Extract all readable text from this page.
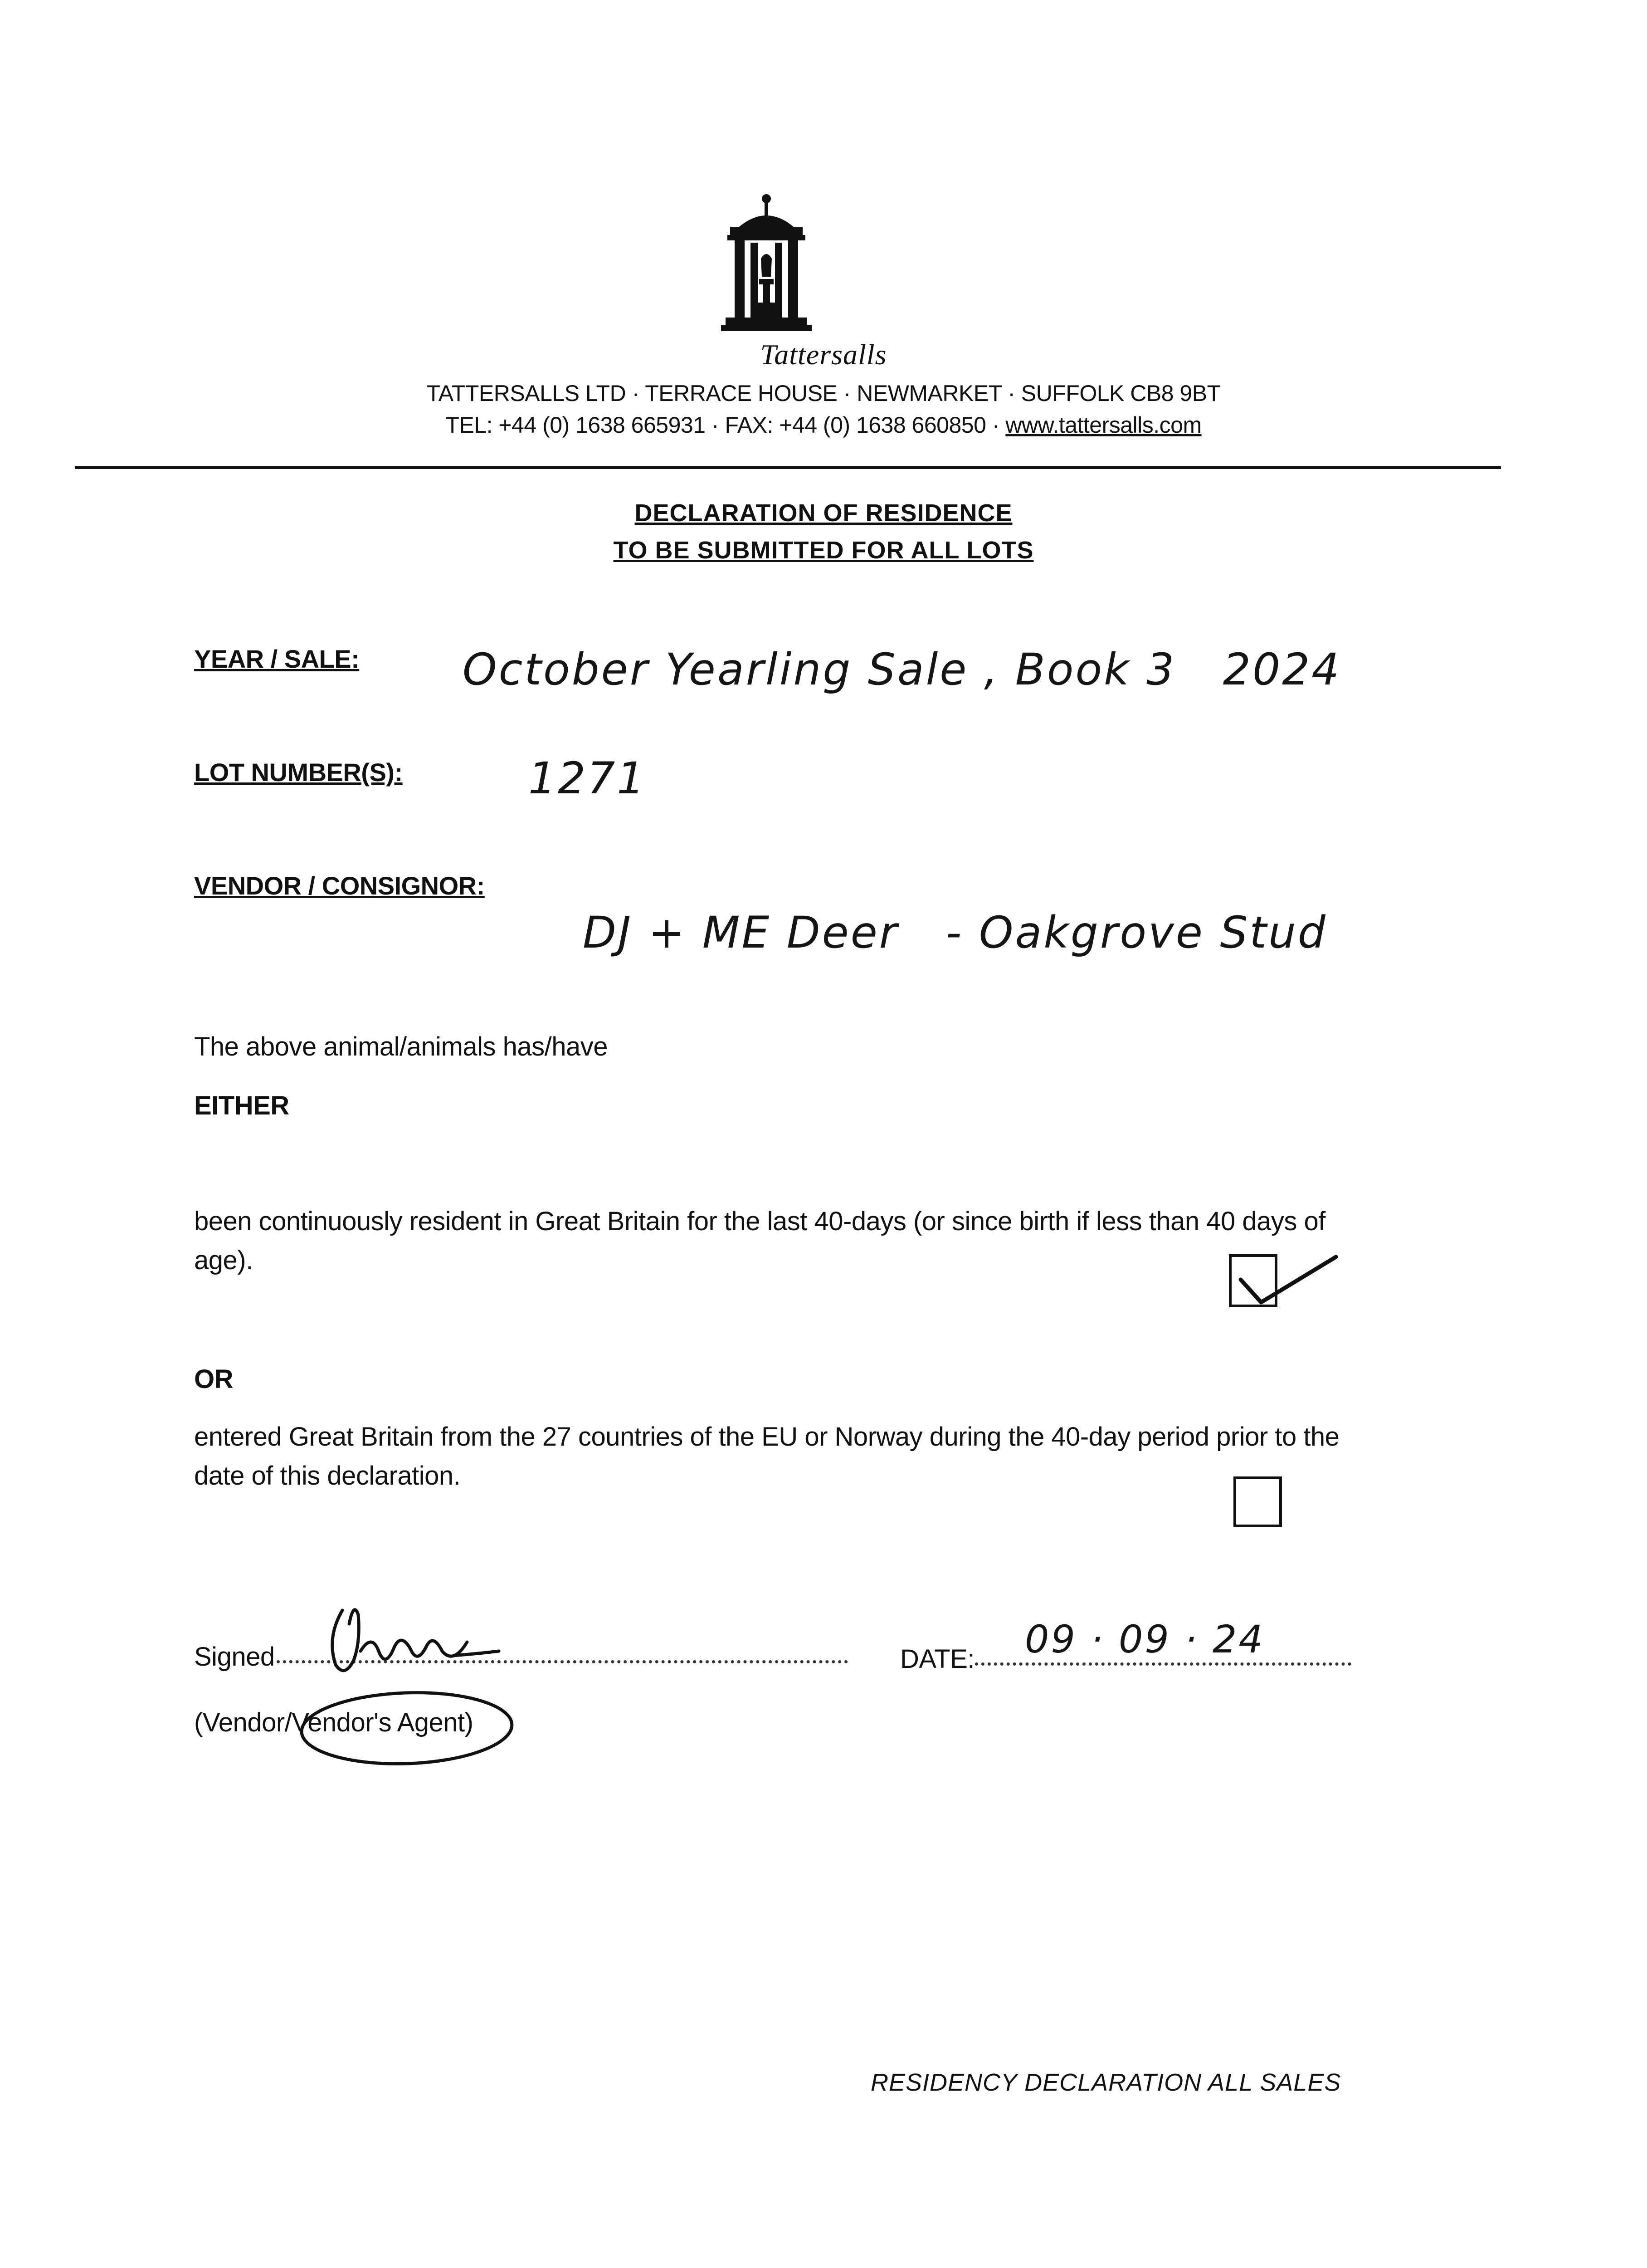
Tattersalls
TATTERSALLS LTD · TERRACE HOUSE · NEWMARKET · SUFFOLK CB8 9BT
TEL: +44 (0) 1638 665931 · FAX: +44 (0) 1638 660850 · www.tattersalls.com
DECLARATION OF RESIDENCE
TO BE SUBMITTED FOR ALL LOTS
YEAR / SALE: October Yearling Sale , Book 3   2024
LOT NUMBER(S):	1271
VENDOR / CONSIGNOR:
DJ + ME Deer   - Oakgrove Stud
The above animal/animals has/have
EITHER
been continuously resident in Great Britain for the last 40-days (or since birth if less than 40 days of age).
OR
entered Great Britain from the 27 countries of the EU or Norway during the 40-day period prior to the date of this declaration.
Signed	DATE:	09 · 09 · 24
(Vendor/Vendor's Agent)
RESIDENCY DECLARATION ALL SALES
